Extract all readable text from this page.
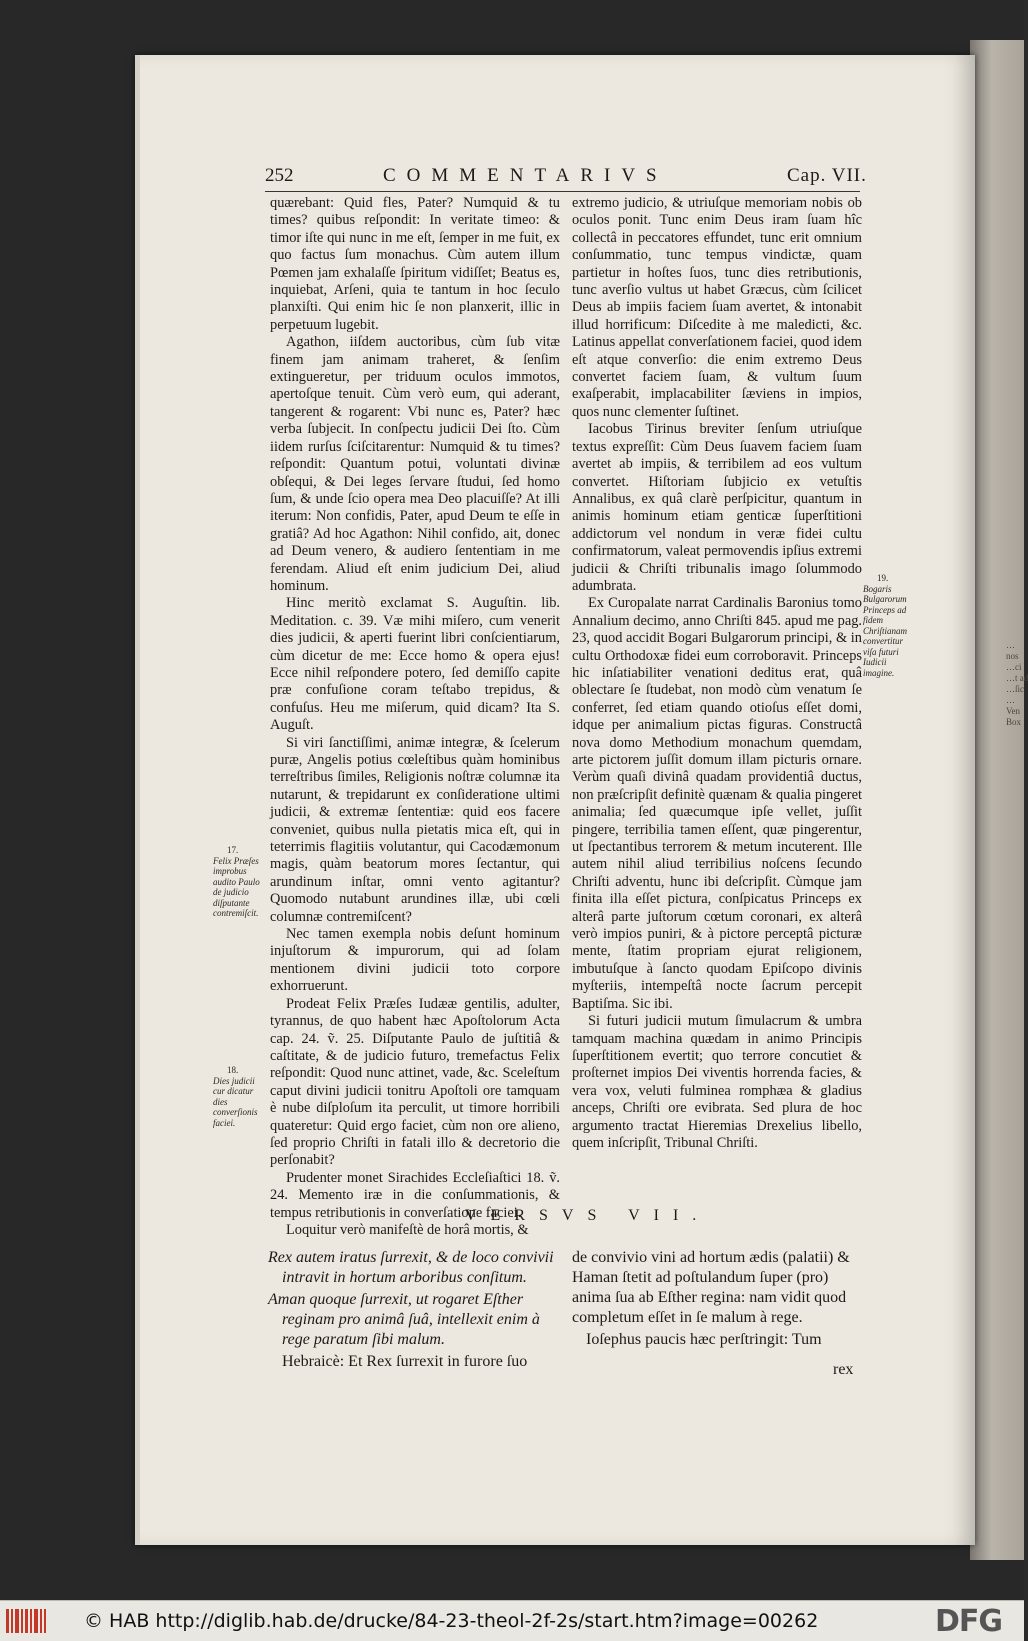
…
nos
…ci
…t ad
…ſic
…
Ven
Box
252	COMMENTARIVS	Cap. VII.

quærebant: Quid fles, Pater? Numquid & tu times? quibus reſpondit: In veritate timeo: & timor iſte qui nunc in me eſt, ſemper in me fuit, ex quo factus ſum monachus. Cùm autem illum Pœmen jam exhalaſſe ſpiritum vidiſſet; Beatus es, inquiebat, Arſeni, quia te tantum in hoc ſeculo planxiſti. Qui enim hic ſe non planxerit, illic in perpetuum lugebit.

Agathon, iiſdem auctoribus, cùm ſub vitæ finem jam animam traheret, & ſenſim extingueretur, per triduum oculos immotos, apertoſque tenuit. Cùm verò eum, qui aderant, tangerent & rogarent: Vbi nunc es, Pater? hæc verba ſubjecit. In conſpectu judicii Dei ſto. Cùm iidem rurſus ſciſcitarentur: Numquid & tu times? reſpondit: Quantum potui, voluntati divinæ obſequi, & Dei leges ſervare ſtudui, ſed homo ſum, & unde ſcio opera mea Deo placuiſſe? At illi iterum: Non confidis, Pater, apud Deum te eſſe in gratiâ? Ad hoc Agathon: Nihil confido, ait, donec ad Deum venero, & audiero ſententiam in me ferendam. Aliud eſt enim judicium Dei, aliud hominum.

Hinc meritò exclamat S. Auguſtin. lib. Meditation. c. 39. Væ mihi miſero, cum venerit dies judicii, & aperti fuerint libri conſcientiarum, cùm dicetur de me: Ecce homo & opera ejus! Ecce nihil reſpondere potero, ſed demiſſo capite præ confuſione coram teſtabo trepidus, & confuſus. Heu me miſerum, quid dicam? Ita S. Auguſt.

Si viri ſanctiſſimi, animæ integræ, & ſcelerum puræ, Angelis potius cœleſtibus quàm hominibus terreſtribus ſimiles, Religionis noſtræ columnæ ita nutarunt, & trepidarunt ex conſideratione ultimi judicii, & extremæ ſententiæ: quid eos facere conveniet, quibus nulla pietatis mica eſt, qui in teterrimis flagitiis volutantur, qui Cacodæmonum magis, quàm beatorum mores ſectantur, qui arundinum inſtar, omni vento agitantur? Quomodo nutabunt arundines illæ, ubi cœli columnæ contremiſcent?

Nec tamen exempla nobis deſunt hominum injuſtorum & impurorum, qui ad ſolam mentionem divini judicii toto corpore exhorruerunt.

Prodeat Felix Præſes Iudææ gentilis, adulter, tyrannus, de quo habent hæc Apoſtolorum Acta cap. 24. ṽ. 25. Diſputante Paulo de juſtitiâ & caſtitate, & de judicio futuro, tremefactus Felix reſpondit: Quod nunc attinet, vade, &c. Sceleſtum caput divini judicii tonitru Apoſtoli ore tamquam è nube diſploſum ita perculit, ut timore horribili quateretur: Quid ergo faciet, cùm non ore alieno, ſed proprio Chriſti in fatali illo & decretorio die perſonabit?

Prudenter monet Sirachides Eccleſiaſtici 18. ṽ. 24. Memento iræ in die conſummationis, & tempus retributionis in converſatione faciei.

Loquitur verò manifeſtè de horâ mortis, &

extremo judicio, & utriuſque memoriam nobis ob oculos ponit. Tunc enim Deus iram ſuam hîc collectâ in peccatores effundet, tunc erit omnium conſummatio, tunc tempus vindictæ, quam partietur in hoſtes ſuos, tunc dies retributionis, tunc averſio vultus ut habet Græcus, cùm ſcilicet Deus ab impiis faciem ſuam avertet, & intonabit illud horrificum: Diſcedite à me maledicti, &c. Latinus appellat converſationem faciei, quod idem eſt atque converſio: die enim extremo Deus convertet faciem ſuam, & vultum ſuum exaſperabit, implacabiliter ſæviens in impios, quos nunc clementer ſuſtinet.

Iacobus Tirinus breviter ſenſum utriuſque textus expreſſit: Cùm Deus ſuavem faciem ſuam avertet ab impiis, & terribilem ad eos vultum convertet. Hiſtoriam ſubjicio ex vetuſtis Annalibus, ex quâ clarè perſpicitur, quantum in animis hominum etiam genticæ ſuperſtitioni addictorum vel nondum in veræ fidei cultu confirmatorum, valeat permovendis ipſius extremi judicii & Chriſti tribunalis imago ſolummodo adumbrata.

Ex Curopalate narrat Cardinalis Baronius tomo Annalium decimo, anno Chriſti 845. apud me pag. 23, quod accidit Bogari Bulgarorum principi, & in cultu Orthodoxæ fidei eum corroboravit. Princeps hic inſatiabiliter venationi deditus erat, quâ oblectare ſe ſtudebat, non modò cùm venatum ſe conferret, ſed etiam quando otioſus eſſet domi, idque per animalium pictas figuras. Constructâ nova domo Methodium monachum quemdam, arte pictorem juſſit domum illam picturis ornare. Verùm quaſi divinâ quadam providentiâ ductus, non præſcripſit definitè quænam & qualia pingeret animalia; ſed quæcumque ipſe vellet, juſſit pingere, terribilia tamen eſſent, quæ pingerentur, ut ſpectantibus terrorem & metum incuterent. Ille autem nihil aliud terribilius noſcens ſecundo Chriſti adventu, hunc ibi deſcripſit. Cùmque jam finita illa eſſet pictura, conſpicatus Princeps ex alterâ parte juſtorum cœtum coronari, ex alterâ verò impios puniri, & à pictore perceptâ picturæ mente, ſtatim propriam ejurat religionem, imbutuſque à ſancto quodam Epiſcopo divinis myſteriis, intempeſtâ nocte ſacrum percepit Baptiſma. Sic ibi.

Si futuri judicii mutum ſimulacrum & umbra tamquam machina quædam in animo Principis ſuperſtitionem evertit; quo terrore concutiet & proſternet impios Dei viventis horrenda facies, & vera vox, veluti fulminea romphæa & gladius anceps, Chriſti ore evibrata. Sed plura de hoc argumento tractat Hieremias Drexelius libello, quem inſcripſit, Tribunal Chriſti.

17.
Felix Præſes improbus audito Paulo de judicio diſputante contremiſcit.
18.
Dies judicii cur dicatur dies converſionis faciei.
19.
Bogaris Bulgarorum Princeps ad fidem Chriſtianam convertitur viſa futuri Iudicii imagine.
VERSVS VII.

Rex autem iratus ſurrexit, & de loco convivii intravit in hortum arboribus conſitum.

Aman quoque ſurrexit, ut rogaret Eſther reginam pro animâ ſuâ, intellexit enim à rege paratum ſibi malum.

Hebraicè: Et Rex ſurrexit in furore ſuo

de convivio vini ad hortum ædis (palatii) & Haman ſtetit ad poſtulandum ſuper (pro) anima ſua ab Eſther regina: nam vidit quod completum eſſet in ſe malum à rege.

Ioſephus paucis hæc perſtringit: Tum

rex
© HAB http://diglib.hab.de/drucke/84-23-theol-2f-2s/start.htm?image=00262	DFG
